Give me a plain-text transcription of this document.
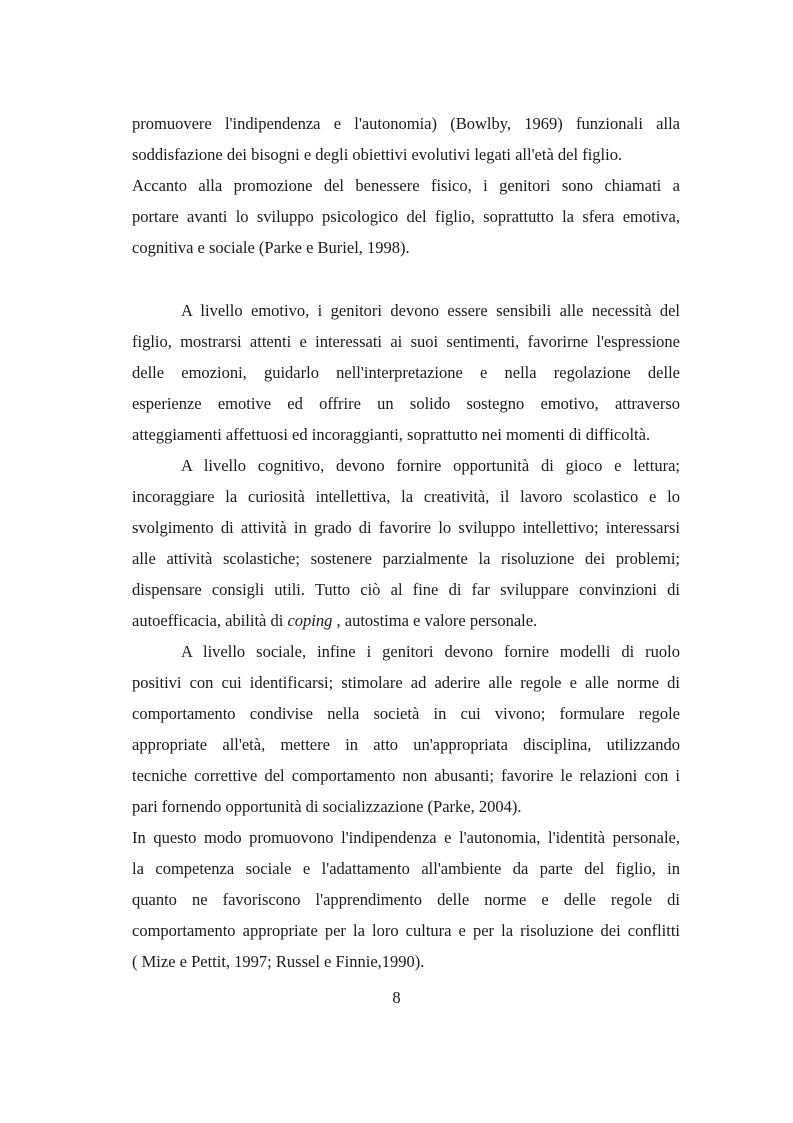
promuovere l'indipendenza e l'autonomia) (Bowlby, 1969) funzionali alla
soddisfazione dei bisogni e degli obiettivi evolutivi legati all'età del figlio.
Accanto alla promozione del benessere fisico, i genitori sono chiamati a
portare avanti lo sviluppo psicologico del figlio, soprattutto la sfera emotiva,
cognitiva e sociale (Parke e Buriel, 1998).
A livello emotivo, i genitori devono essere sensibili alle necessità del
figlio, mostrarsi attenti e interessati ai suoi sentimenti, favorirne l'espressione
delle emozioni, guidarlo nell'interpretazione e nella regolazione delle
esperienze emotive ed offrire un solido sostegno emotivo, attraverso
atteggiamenti affettuosi ed incoraggianti, soprattutto nei momenti di difficoltà.
A livello cognitivo, devono fornire opportunità di gioco e lettura;
incoraggiare la curiosità intellettiva, la creatività, il lavoro scolastico e lo
svolgimento di attività in grado di favorire lo sviluppo intellettivo; interessarsi
alle attività scolastiche; sostenere parzialmente la risoluzione dei problemi;
dispensare consigli utili. Tutto ciò al fine di far sviluppare convinzioni di
autoefficacia, abilità di coping , autostima e valore personale.
A livello sociale, infine i genitori devono fornire modelli di ruolo
positivi con cui identificarsi; stimolare ad aderire alle regole e alle norme di
comportamento condivise nella società in cui vivono; formulare regole
appropriate all'età, mettere in atto un'appropriata disciplina, utilizzando
tecniche correttive del comportamento non abusanti; favorire le relazioni con i
pari fornendo opportunità di socializzazione (Parke, 2004).
In questo modo promuovono l'indipendenza e l'autonomia, l'identità personale,
la competenza sociale e l'adattamento all'ambiente da parte del figlio, in
quanto ne favoriscono l'apprendimento delle norme e delle regole di
comportamento appropriate per la loro cultura e per la risoluzione dei conflitti
( Mize e Pettit, 1997; Russel e Finnie,1990).
8
